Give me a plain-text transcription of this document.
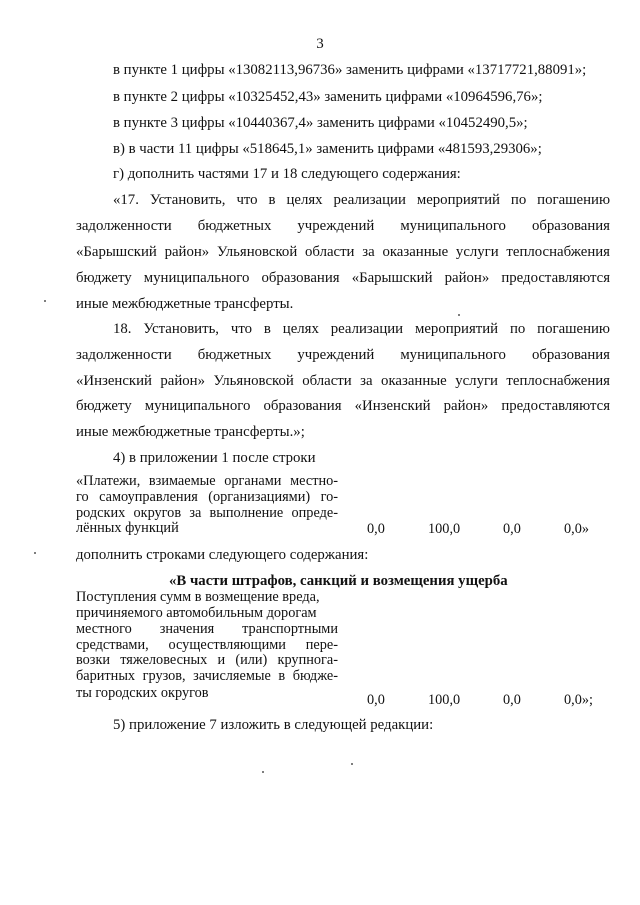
3
в пункте 1 цифры «13082113,96736» заменить цифрами «13717721,88091»;
в пункте 2 цифры «10325452,43» заменить цифрами «10964596,76»;
в пункте 3 цифры «10440367,4» заменить цифрами «10452490,5»;
в) в части 11 цифры «518645,1» заменить цифрами «481593,29306»;
г) дополнить частями 17 и 18 следующего содержания:
«17. Установить, что в целях реализации мероприятий по погашению
задолженности бюджетных учреждений муниципального образования
«Барышский район» Ульяновской области за оказанные услуги теплоснабжения
бюджету муниципального образования «Барышский район» предоставляются
иные межбюджетные трансферты.
18. Установить, что в целях реализации мероприятий по погашению
задолженности бюджетных учреждений муниципального образования
«Инзенский район» Ульяновской области за оказанные услуги теплоснабжения
бюджету муниципального образования «Инзенский район» предоставляются
иные межбюджетные трансферты.»;
4) в приложении 1 после строки
«Платежи, взимаемые органами местно-
го самоуправления (организациями) го-
родских округов за выполнение опреде-
лённых функций	0,0	100,0	0,0	0,0»
дополнить строками следующего содержания:
«В части штрафов, санкций и возмещения ущерба
Поступления сумм в возмещение вреда,
причиняемого автомобильным дорогам
местного значения транспортными
средствами, осуществляющими пере-
возки тяжеловесных и (или) крупнога-
баритных грузов, зачисляемые в бюдже-
ты городских округов	0,0	100,0	0,0	0,0»;
5) приложение 7 изложить в следующей редакции:
